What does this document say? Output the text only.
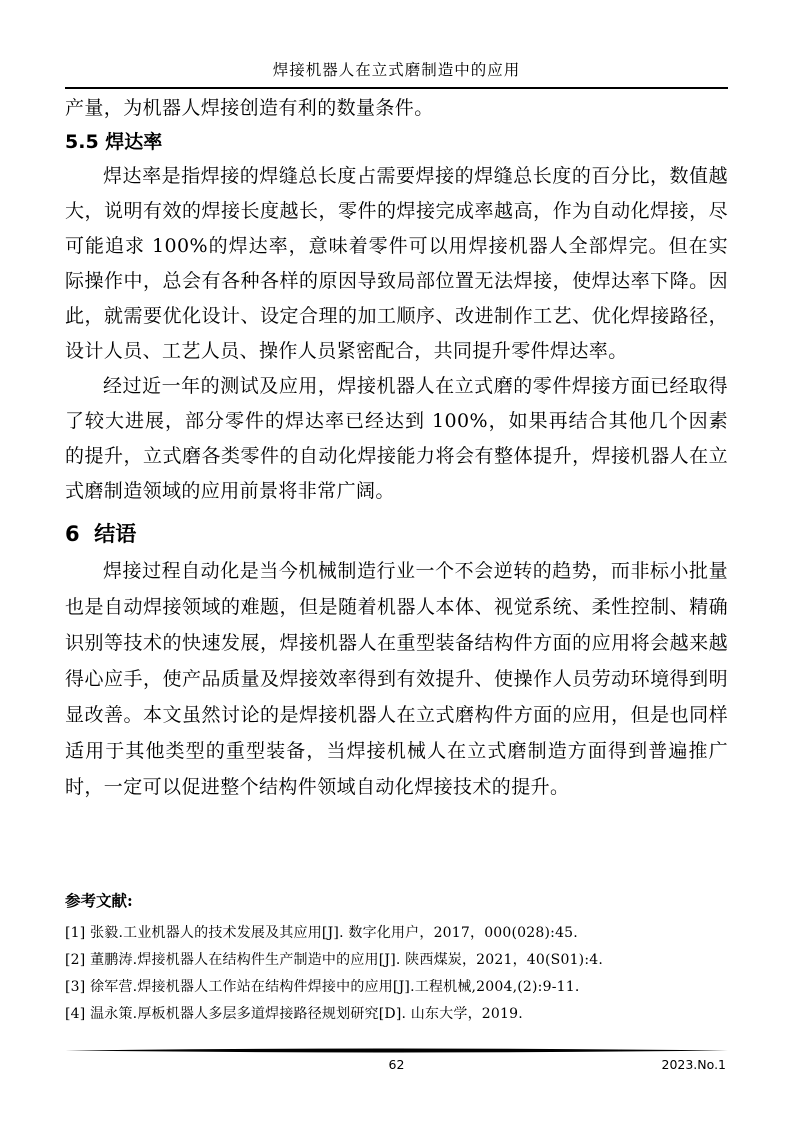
焊接机器人在立式磨制造中的应用

产量，为机器人焊接创造有利的数量条件。

5.5 焊达率

焊达率是指焊接的焊缝总长度占需要焊接的焊缝总长度的百分比，数值越大，说明有效的焊接长度越长，零件的焊接完成率越高，作为自动化焊接，尽可能追求 100%的焊达率，意味着零件可以用焊接机器人全部焊完。但在实际操作中，总会有各种各样的原因导致局部位置无法焊接，使焊达率下降。因此，就需要优化设计、设定合理的加工顺序、改进制作工艺、优化焊接路径，设计人员、工艺人员、操作人员紧密配合，共同提升零件焊达率。

经过近一年的测试及应用，焊接机器人在立式磨的零件焊接方面已经取得了较大进展，部分零件的焊达率已经达到 100%，如果再结合其他几个因素的提升，立式磨各类零件的自动化焊接能力将会有整体提升，焊接机器人在立式磨制造领域的应用前景将非常广阔。

6  结语

焊接过程自动化是当今机械制造行业一个不会逆转的趋势，而非标小批量也是自动焊接领域的难题，但是随着机器人本体、视觉系统、柔性控制、精确识别等技术的快速发展，焊接机器人在重型装备结构件方面的应用将会越来越得心应手，使产品质量及焊接效率得到有效提升、使操作人员劳动环境得到明显改善。本文虽然讨论的是焊接机器人在立式磨构件方面的应用，但是也同样适用于其他类型的重型装备，当焊接机械人在立式磨制造方面得到普遍推广时，一定可以促进整个结构件领域自动化焊接技术的提升。

参考文献:

[1] 张毅.工业机器人的技术发展及其应用[J]. 数字化用户，2017，000(028):45.

[2] 董鹏涛.焊接机器人在结构件生产制造中的应用[J]. 陕西煤炭，2021，40(S01):4.

[3] 徐军营.焊接机器人工作站在结构件焊接中的应用[J].工程机械,2004,(2):9-11.

[4] 温永策.厚板机器人多层多道焊接路径规划研究[D]. 山东大学，2019.

62	2023.No.1
